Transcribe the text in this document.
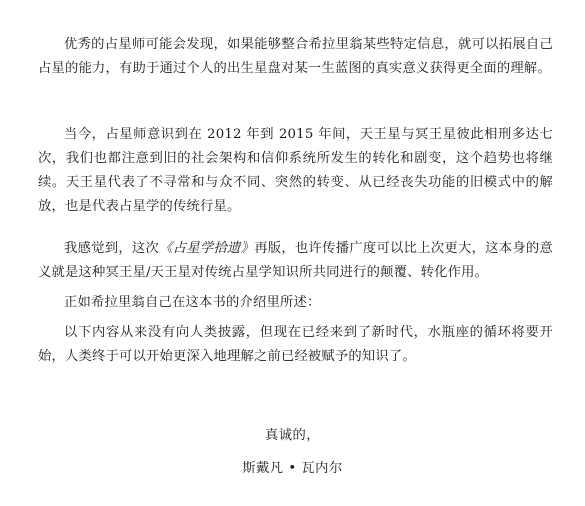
优秀的占星师可能会发现，如果能够整合希拉里翁某些特定信息，就可以拓展自己占星的能力，有助于通过个人的出生星盘对某一生蓝图的真实意义获得更全面的理解。

当今，占星师意识到在 2012 年到 2015 年间，天王星与冥王星彼此相刑多达七次，我们也都注意到旧的社会架构和信仰系统所发生的转化和剧变，这个趋势也将继续。天王星代表了不寻常和与众不同、突然的转变、从已经丧失功能的旧模式中的解放，也是代表占星学的传统行星。

我感觉到，这次《占星学拾遗》再版，也许传播广度可以比上次更大，这本身的意义就是这种冥王星/天王星对传统占星学知识所共同进行的颠覆、转化作用。

正如希拉里翁自己在这本书的介绍里所述：

以下内容从来没有向人类披露，但现在已经来到了新时代，水瓶座的循环将要开始，人类终于可以开始更深入地理解之前已经被赋予的知识了。

真诚的，
斯戴凡 • 瓦内尔
